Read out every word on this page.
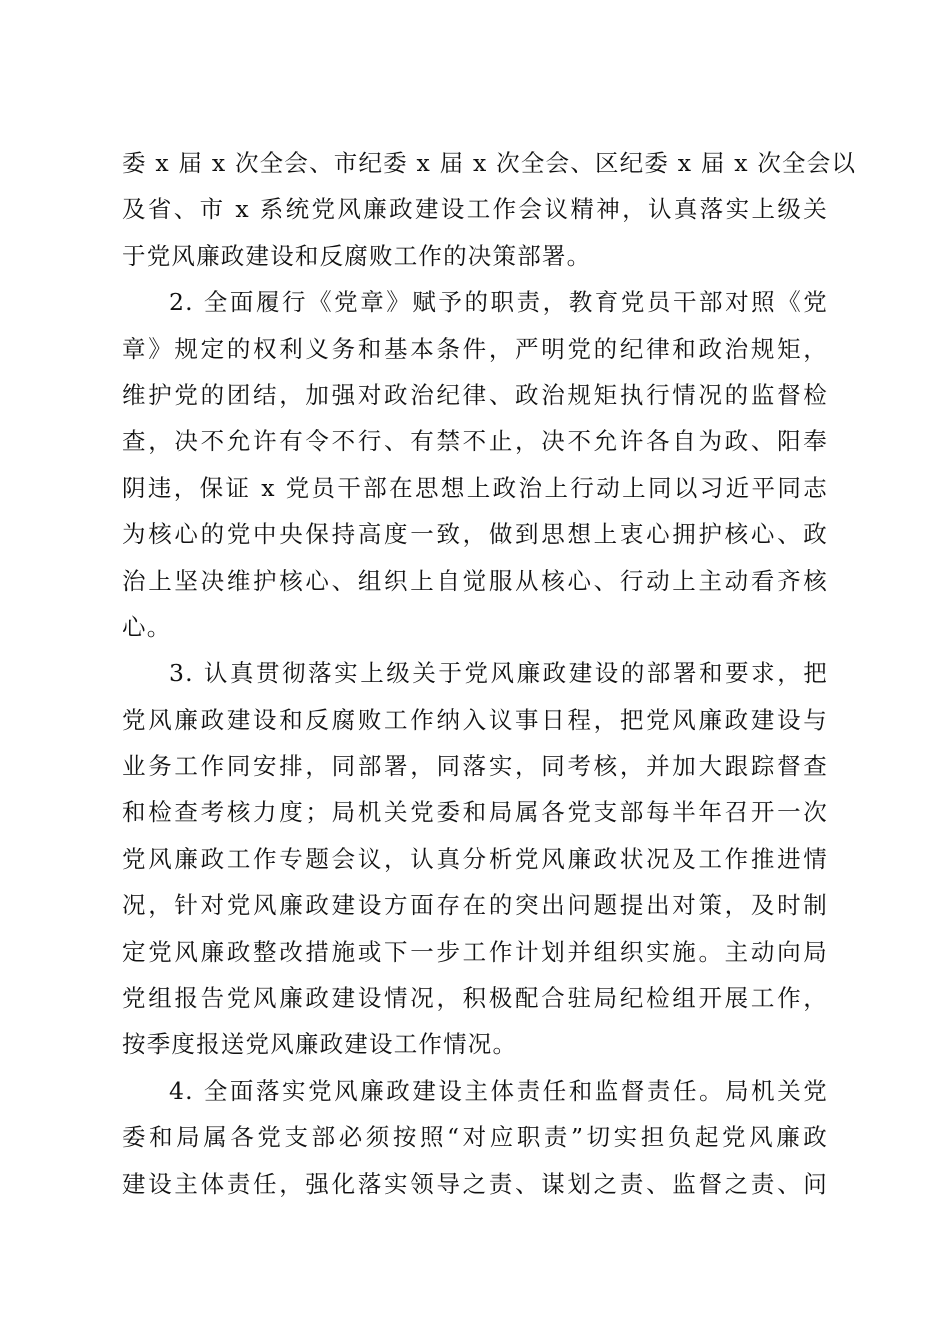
委 x 届 x 次全会、市纪委 x 届 x 次全会、区纪委 x 届 x 次全会以
及省、市 x 系统党风廉政建设工作会议精神，认真落实上级关
于党风廉政建设和反腐败工作的决策部署。
2. 全面履行《党章》赋予的职责，教育党员干部对照《党
章》规定的权利义务和基本条件，严明党的纪律和政治规矩，
维护党的团结，加强对政治纪律、政治规矩执行情况的监督检
查，决不允许有令不行、有禁不止，决不允许各自为政、阳奉
阴违，保证 x 党员干部在思想上政治上行动上同以习近平同志
为核心的党中央保持高度一致，做到思想上衷心拥护核心、政
治上坚决维护核心、组织上自觉服从核心、行动上主动看齐核
心。
3. 认真贯彻落实上级关于党风廉政建设的部署和要求，把
党风廉政建设和反腐败工作纳入议事日程，把党风廉政建设与
业务工作同安排，同部署，同落实，同考核，并加大跟踪督查
和检查考核力度；局机关党委和局属各党支部每半年召开一次
党风廉政工作专题会议，认真分析党风廉政状况及工作推进情
况，针对党风廉政建设方面存在的突出问题提出对策，及时制
定党风廉政整改措施或下一步工作计划并组织实施。主动向局
党组报告党风廉政建设情况，积极配合驻局纪检组开展工作，
按季度报送党风廉政建设工作情况。
4. 全面落实党风廉政建设主体责任和监督责任。局机关党
委和局属各党支部必须按照“对应职责”切实担负起党风廉政
建设主体责任，强化落实领导之责、谋划之责、监督之责、问
